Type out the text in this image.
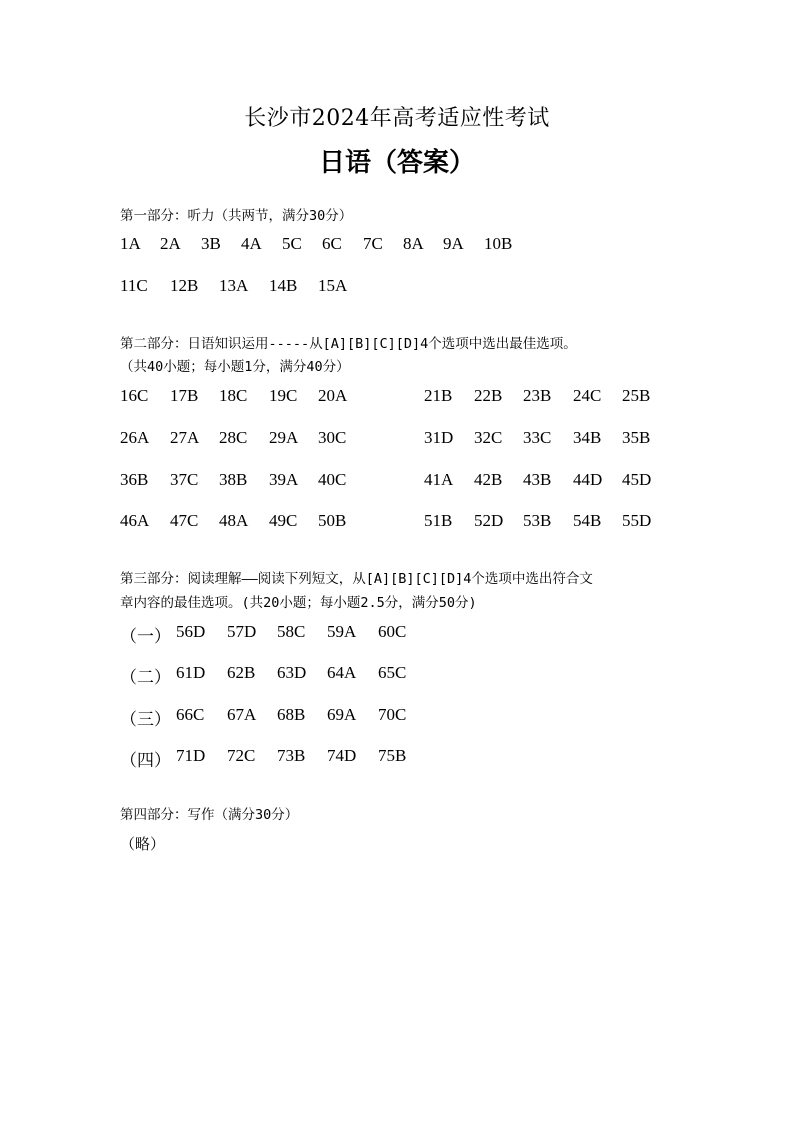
长沙市2024年高考适应性考试
日语（答案）
第一部分：听力（共两节，满分30分）
1A 2A 3B 4A 5C 6C 7C 8A 9A 10B
11C 12B 13A 14B 15A
第二部分：日语知识运用-----从[A][B][C][D]4个选项中选出最佳选项。
（共40小题；每小题1分，满分40分）
16C 17B 18C 19C 20A	21B 22B 23B 24C 25B
26A 27A 28C 29A 30C	31D 32C 33C 34B 35B
36B 37C 38B 39A 40C	41A 42B 43B 44D 45D
46A 47C 48A 49C 50B	51B 52D 53B 54B 55D
第三部分：阅读理解——阅读下列短文，从[A][B][C][D]4个选项中选出符合文
章内容的最佳选项。(共20小题；每小题2.5分，满分50分)
（一） 56D 57D 58C 59A 60C
（二） 61D 62B 63D 64A 65C
（三） 66C 67A 68B 69A 70C
（四） 71D 72C 73B 74D 75B
第四部分：写作（满分30分）
（略）
